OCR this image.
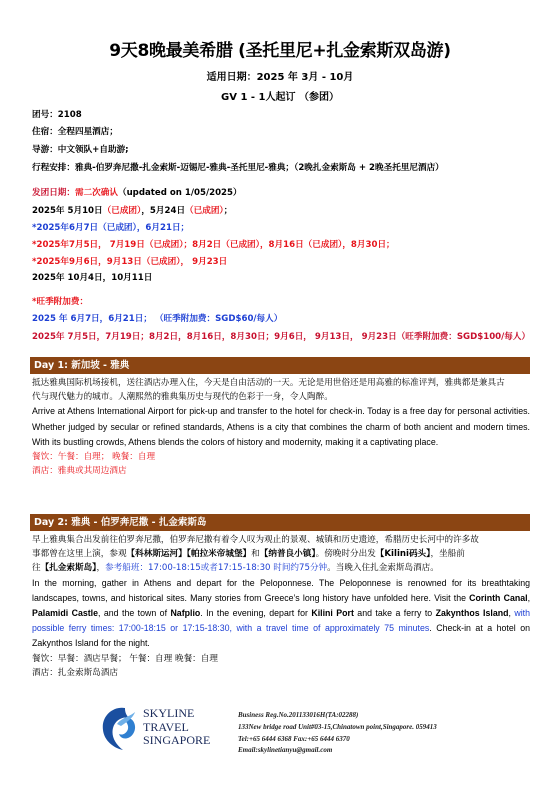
9天8晚最美希腊 (圣托里尼+扎金索斯双岛游)
适用日期：2025 年 3月 - 10月
GV 1 - 1人起订 （参团）
团号：2108
住宿：全程四星酒店；
导游：中文领队+自助游;
行程安排：雅典-伯罗奔尼撒-扎金索斯-迈锡尼-雅典-圣托里尼-雅典；（2晚扎金索斯岛 + 2晚圣托里尼酒店）
发团日期：需二次确认（updated on 1/05/2025）
2025年 5月10日（已成团），5月24日（已成团）；
*2025年6月7日（已成团），6月21日；
*2025年7月5日， 7月19日（已成团）；8月2日（已成团），8月16日（已成团），8月30日；
*2025年9月6日，9月13日（已成团）， 9月23日
2025年 10月4日，10月11日
*旺季附加费：
2025 年 6月7日，6月21日； （旺季附加费：SGD$60/每人）
2025年 7月5日，7月19日；8月2日，8月16日，8月30日；9月6日， 9月13日， 9月23日（旺季附加费：SGD$100/每人）
Day 1: 新加坡 - 雅典
抵达雅典国际机场接机，送往酒店办理入住，今天是自由活动的一天。无论是用世俗还是用高雅的标准评判，雅典都是兼具古
代与现代魅力的城市。人潮熙然的雅典集历史与现代的色彩于一身，令人陶醉。
Arrive at Athens International Airport for pick-up and transfer to the hotel for check-in. Today is a free day for personal activities. Whether judged by secular or refined standards, Athens is a city that combines the charm of both ancient and modern times. With its bustling crowds, Athens blends the colors of history and modernity, making it a captivating place.
餐饮：午餐：自理； 晚餐：自理
酒店：雅典或其周边酒店
Day 2: 雅典 - 伯罗奔尼撒 - 扎金索斯岛
早上雅典集合出发前往伯罗奔尼撒，伯罗奔尼撒有着令人叹为观止的景观、城镇和历史遗迹，希腊历史长河中的许多故
事都曾在这里上演，参观【科林斯运河】【帕拉米帝城堡】和【纳普良小镇】。傍晚时分出发【Kilini码头】，坐船前
往【扎金索斯岛】，参考船班：17:00-18:15或者17:15-18:30 时间约75分钟。当晚入住扎金索斯岛酒店。
In the morning, gather in Athens and depart for the Peloponnese. The Peloponnese is renowned for its breathtaking landscapes, towns, and historical sites. Many stories from Greece’s long history have unfolded here. Visit the Corinth Canal, Palamidi Castle, and the town of Nafplio. In the evening, depart for Kilini Port and take a ferry to Zakynthos Island, with possible ferry times: 17:00-18:15 or 17:15-18:30, with a travel time of approximately 75 minutes. Check-in at a hotel on Zakynthos Island for the night.
餐饮：早餐：酒店早餐； 午餐：自理 晚餐：自理
酒店：扎金索斯岛酒店
SKYLINE
TRAVEL
SINGAPORE
Business Reg.No.201133016H(TA:02288)
133New bridge road Unit#03-15,Chinatown point,Singapore. 059413
Tel:+65 6444 6368 Fax:+65 6444 6370
Email:skylinetianyu@gmail.com
